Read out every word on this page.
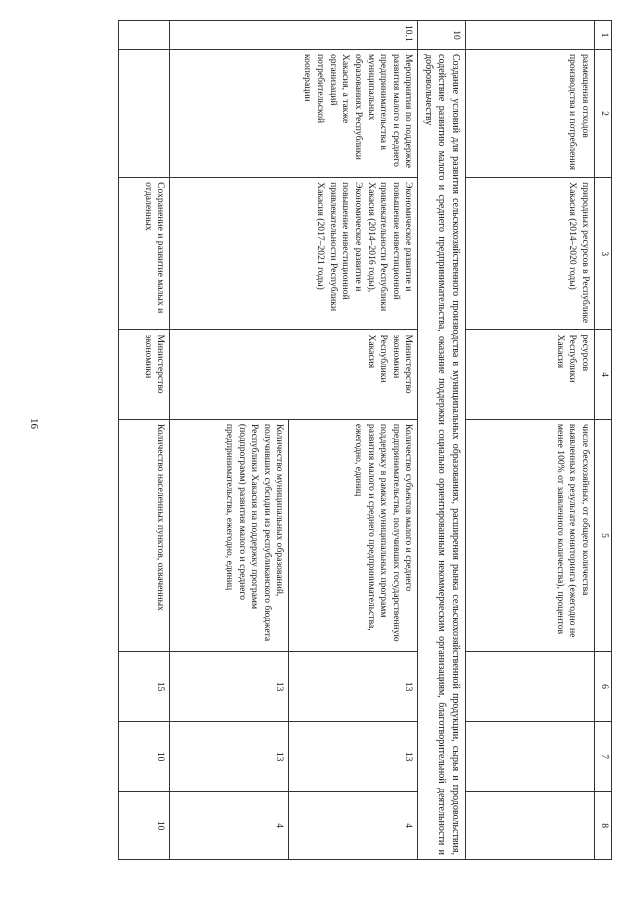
16
1	2	3	4	5	6	7	8
	размещения отходов производства и потребления	природных ресурсов в Республике Хакасия (2014–2020 годы)	ресурсов Республики Хакасия	числе бесхозяйных, от общего количества выявленных в результате мониторинга (ежегодно не менее 100% от заявленного количества), процентов			
10	Создание условий для развития сельскохозяйственного производства в муниципальных образованиях, расширения рынка сельскохозяйственной продукции, сырья и продовольствия, содействие развитию малого и среднего предпринимательства, оказание поддержки социально ориентированным некоммерческим организациям, благотворительной деятельности и добровольчеству						
10.1	Мероприятия по поддержке развития малого и среднего предпринимательства в муниципальных образованиях Республики Хакасия, а также организаций потребительской кооперации	Экономическое развитие и повышение инвестиционной привлекательности Республики Хакасия (2014–2016 годы), Экономическое развитие и повышение инвестиционной привлекательности Республики Хакасия (2017–2021 годы)	Министерство экономики Республики Хакасия	Количество субъектов малого и среднего предпринимательства, получивших государственную поддержку в рамках муниципальных программ развития малого и среднего предпринимательства, ежегодно, единиц	13	13	4
				Количество муниципальных образований, получивших субсидии из республиканского бюджета Республики Хакасия на поддержку программ (подпрограмм) развития малого и среднего предпринимательства, ежегодно, единиц	13	13	4
		Сохранение и развитие малых и отдаленных	Министерство экономики	Количество населенных пунктов, охваченных	15	10	10
